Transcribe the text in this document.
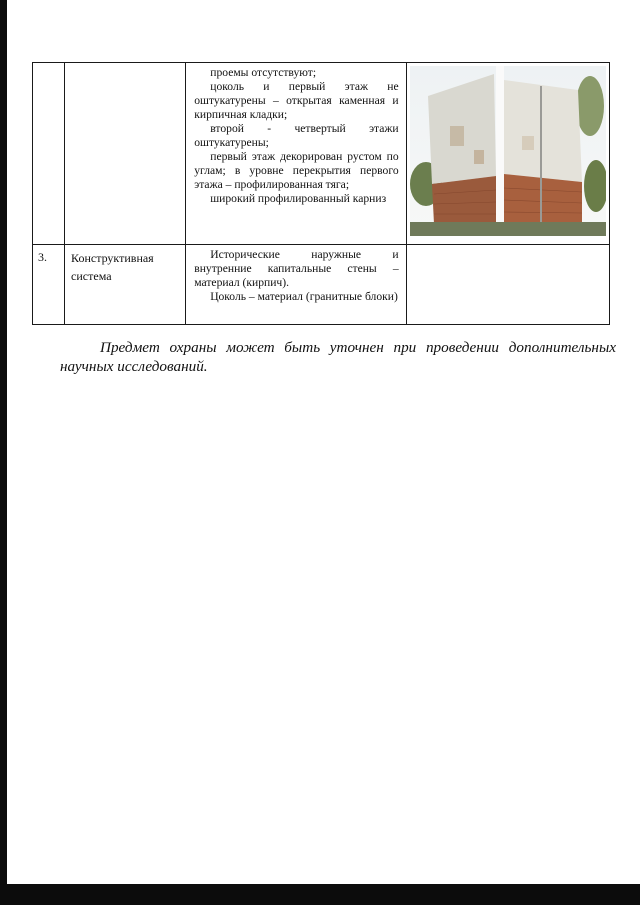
		проемы отсутствуют;

цоколь и первый этаж не оштукатурены – открытая каменная и кирпичная кладки;

второй - четвертый этажи оштукатурены;

первый этаж декорирован рустом по углам; в уровне перекрытия первого этажа – профилированная тяга;

широкий профилированный карниз

3.	Конструктивная система	Исторические наружные и внутренние капитальные стены – материал (кирпич).

Цоколь – материал (гранитные блоки)	

Предмет охраны может быть уточнен при проведении дополнительных научных исследований.
